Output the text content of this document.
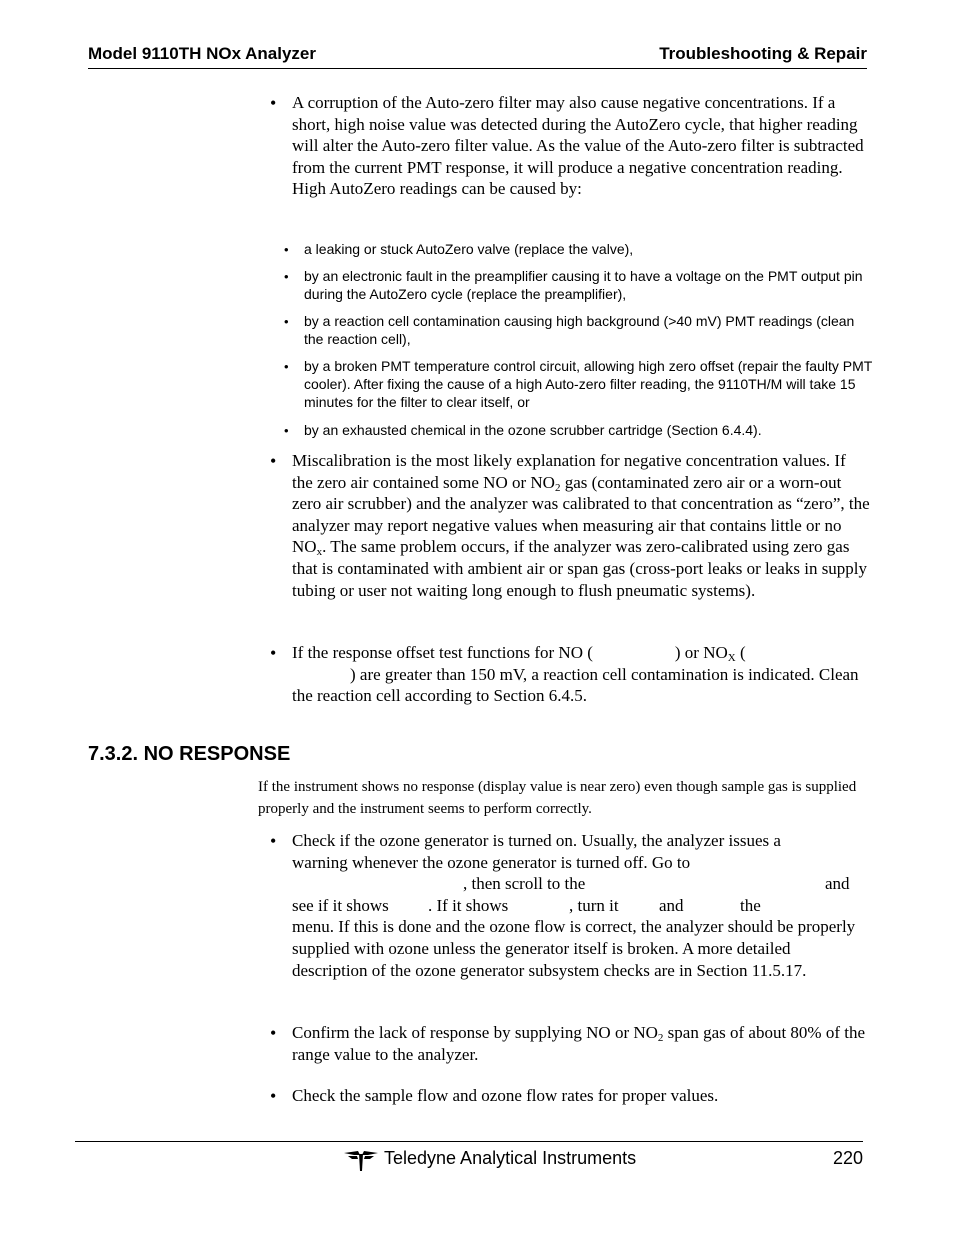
Model 9110TH NOx Analyzer	Troubleshooting & Repair
• A corruption of the Auto-zero filter may also cause negative concentrations. If a short, high noise value was detected during the AutoZero cycle, that higher reading will alter the Auto-zero filter value. As the value of the Auto-zero filter is subtracted from the current PMT response, it will produce a negative concentration reading. High AutoZero readings can be caused by:
• a leaking or stuck AutoZero valve (replace the valve),
• by an electronic fault in the preamplifier causing it to have a voltage on the PMT output pin during the AutoZero cycle (replace the preamplifier),
• by a reaction cell contamination causing high background (>40 mV) PMT readings (clean the reaction cell),
• by a broken PMT temperature control circuit, allowing high zero offset (repair the faulty PMT cooler). After fixing the cause of a high Auto-zero filter reading, the 9110TH/M will take 15 minutes for the filter to clear itself, or
• by an exhausted chemical in the ozone scrubber cartridge (Section 6.4.4).
• Miscalibration is the most likely explanation for negative concentration values. If the zero air contained some NO or $NO_2$ gas (contaminated zero air or a worn-out zero air scrubber) and the analyzer was calibrated to that concentration as “zero”, the analyzer may report negative values when measuring air that contains little or no $NO_x$. The same problem occurs, if the analyzer was zero-calibrated using zero gas that is contaminated with ambient air or span gas (cross-port leaks or leaks in supply tubing or user not waiting long enough to flush pneumatic systems).
• If the response offset test functions for NO (	) or $NO_X$ (
) are greater than 150 mV, a reaction cell contamination is indicated. Clean the reaction cell according to Section 6.4.5.
7.3.2. NO RESPONSE
If the instrument shows no response (display value is near zero) even though sample gas is supplied properly and the instrument seems to perform correctly.
• Check if the ozone generator is turned on. Usually, the analyzer issues a
warning whenever the ozone generator is turned off. Go to
, then scroll to the	and
see if it shows . If it shows	, turn it and	the
menu. If this is done and the ozone flow is correct, the analyzer should be properly supplied with ozone unless the generator itself is broken. A more detailed description of the ozone generator subsystem checks are in Section 11.5.17.
• Confirm the lack of response by supplying NO or $NO_2$ span gas of about 80% of the range value to the analyzer.
• Check the sample flow and ozone flow rates for proper values.
Teledyne Analytical Instruments	220
